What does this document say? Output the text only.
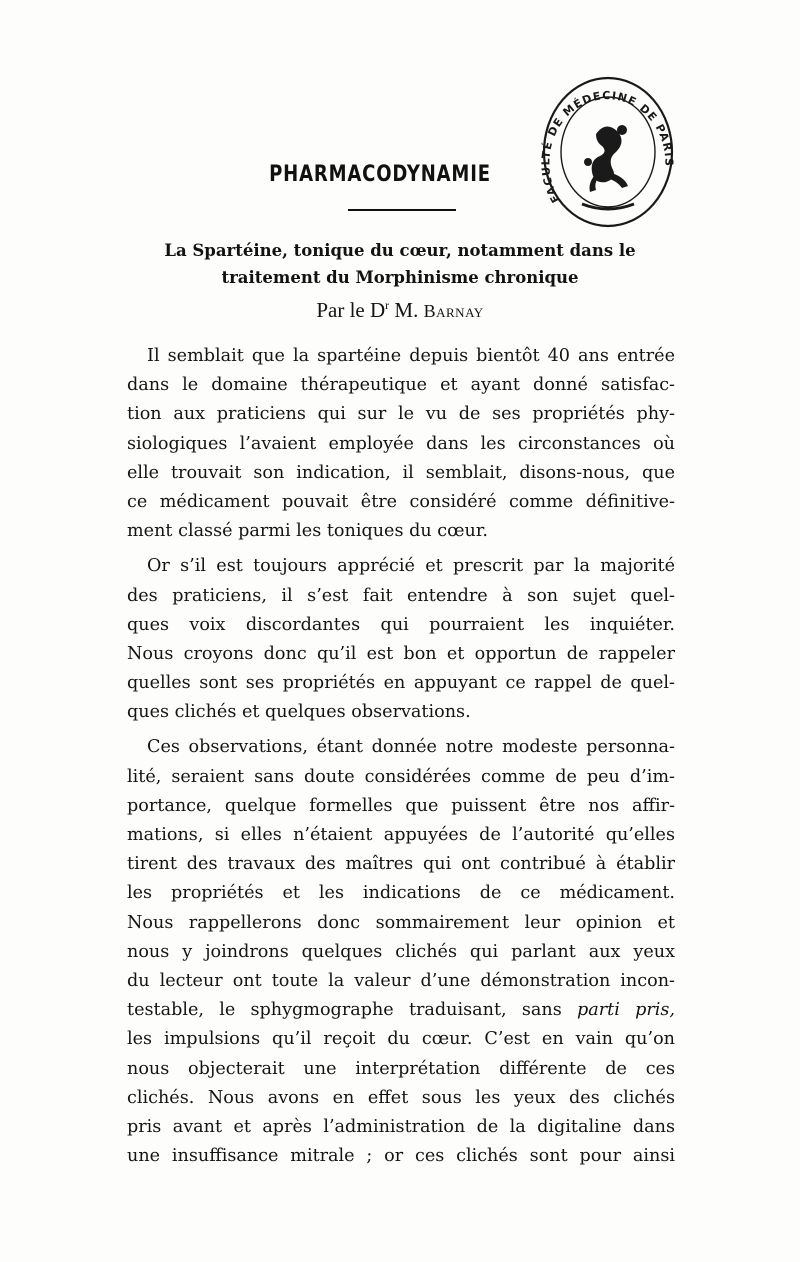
FACULTÉ DE MÉDECINE DE PARIS
PHARMACODYNAMIE
La Spartéine, tonique du cœur, notamment dans le
traitement du Morphinisme chronique
Par le $D^r$ M. Barnay
Il semblait que la spartéine depuis bientôt 40 ans entrée
dans le domaine thérapeutique et ayant donné satisfac-
tion aux praticiens qui sur le vu de ses propriétés phy-
siologiques l’avaient employée dans les circonstances où
elle trouvait son indication, il semblait, disons-nous, que
ce médicament pouvait être considéré comme définitive-
ment classé parmi les toniques du cœur.
Or s’il est toujours apprécié et prescrit par la majorité
des praticiens, il s’est fait entendre à son sujet quel-
ques voix discordantes qui pourraient les inquiéter.
Nous croyons donc qu’il est bon et opportun de rappeler
quelles sont ses propriétés en appuyant ce rappel de quel-
ques clichés et quelques observations.
Ces observations, étant donnée notre modeste personna-
lité, seraient sans doute considérées comme de peu d’im-
portance, quelque formelles que puissent être nos affir-
mations, si elles n’étaient appuyées de l’autorité qu’elles
tirent des travaux des maîtres qui ont contribué à établir
les propriétés et les indications de ce médicament.
Nous rappellerons donc sommairement leur opinion et
nous y joindrons quelques clichés qui parlant aux yeux
du lecteur ont toute la valeur d’une démonstration incon-
testable, le sphygmographe traduisant, sans parti pris,
les impulsions qu’il reçoit du cœur. C’est en vain qu’on
nous objecterait une interprétation différente de ces
clichés. Nous avons en effet sous les yeux des clichés
pris avant et après l’administration de la digitaline dans
une insuffisance mitrale ; or ces clichés sont pour ainsi
